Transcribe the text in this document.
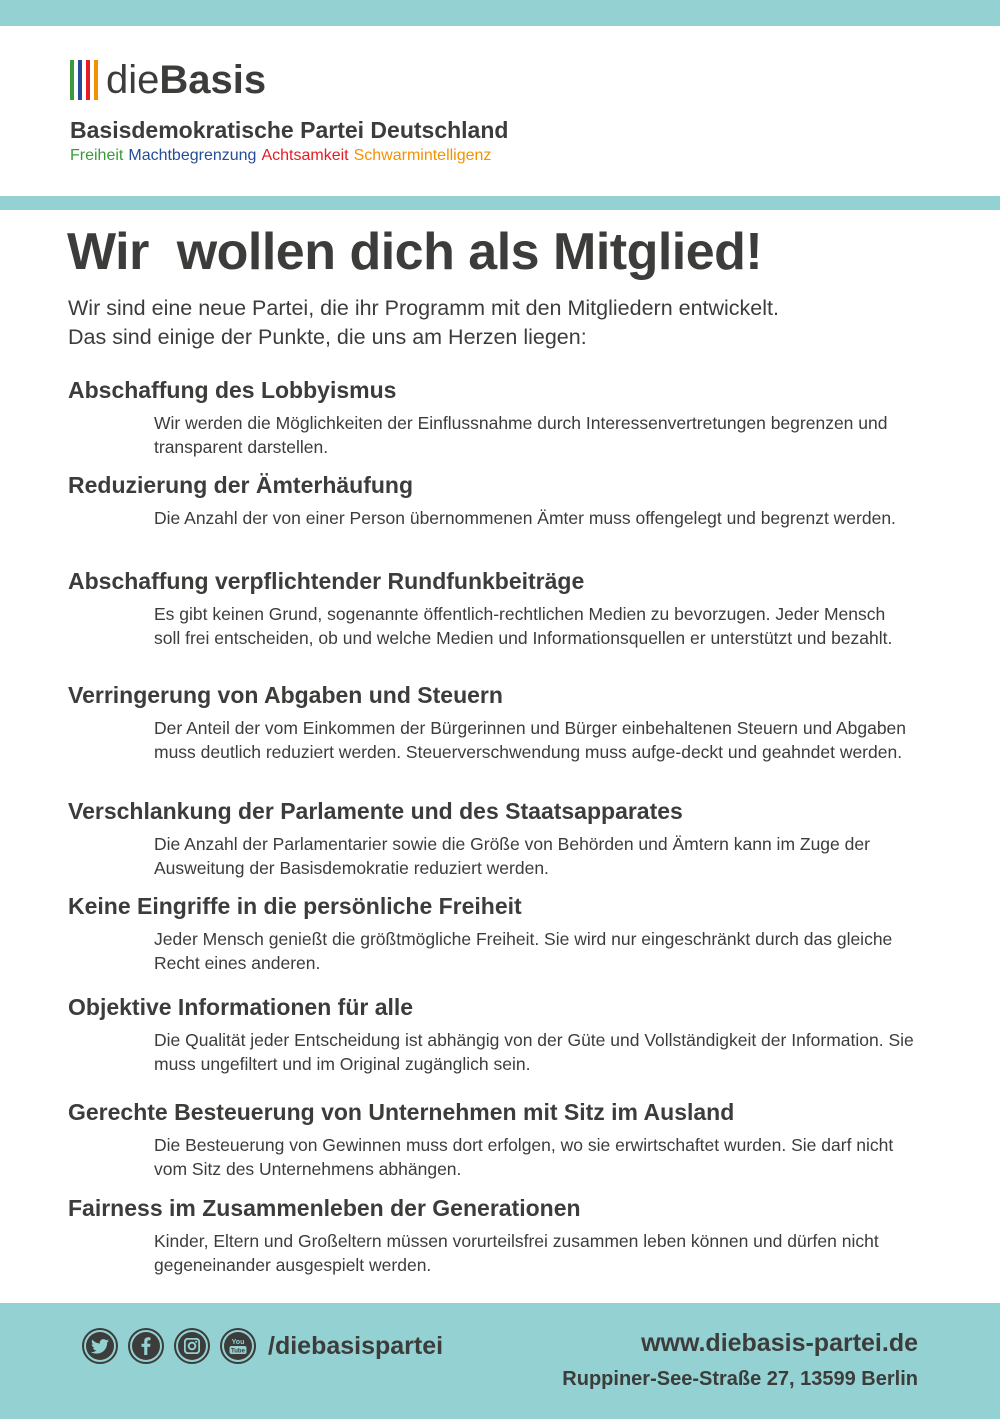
dieBasis
Basisdemokratische Partei Deutschland
Freiheit Machtbegrenzung Achtsamkeit Schwarmintelligenz
Wir  wollen dich als Mitglied!
Wir sind eine neue Partei, die ihr Programm mit den Mitgliedern entwickelt.
Das sind einige der Punkte, die uns am Herzen liegen:
Abschaffung des Lobbyismus

Wir werden die Möglichkeiten der Einflussnahme durch Interessenvertretungen begrenzen und transparent darstellen.

Reduzierung der Ämterhäufung

Die Anzahl der von einer Person übernommenen Ämter muss offengelegt und begrenzt werden.

Abschaffung verpflichtender Rundfunkbeiträge

Es gibt keinen Grund, sogenannte öffentlich-rechtlichen Medien zu bevorzugen. Jeder Mensch soll frei entscheiden, ob und welche Medien und Informationsquellen er unterstützt und bezahlt.

Verringerung von Abgaben und Steuern

Der Anteil der vom Einkommen der Bürgerinnen und Bürger einbehaltenen Steuern und Abgaben muss deutlich reduziert werden. Steuerverschwendung muss aufge-deckt und geahndet werden.

Verschlankung der Parlamente und des Staatsapparates

Die Anzahl der Parlamentarier sowie die Größe von Behörden und Ämtern kann im Zuge der Ausweitung der Basisdemokratie reduziert werden.

Keine Eingriffe in die persönliche Freiheit

Jeder Mensch genießt die größtmögliche Freiheit. Sie wird nur eingeschränkt durch das gleiche Recht eines anderen.

Objektive Informationen für alle

Die Qualität jeder Entscheidung ist abhängig von der Güte und Vollständigkeit der Information. Sie muss ungefiltert und im Original zugänglich sein.

Gerechte Besteuerung von Unternehmen mit Sitz im Ausland

Die Besteuerung von Gewinnen muss dort erfolgen, wo sie erwirtschaftet wurden. Sie darf nicht vom Sitz des Unternehmens abhängen.

Fairness im Zusammenleben der Generationen

Kinder, Eltern und Großeltern müssen vorurteilsfrei zusammen leben können und dürfen nicht gegeneinander ausgespielt werden.

You
Tube /diebasispartei	www.diebasis-partei.de
Ruppiner-See-Straße 27, 13599 Berlin
